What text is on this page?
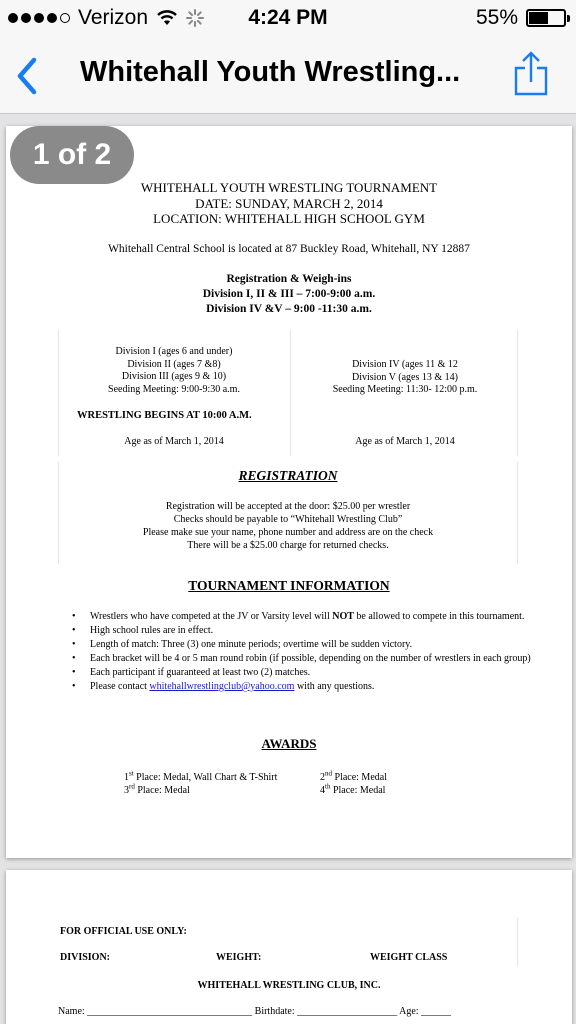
Verizon	4:24 PM	55%
Whitehall Youth Wrestling...
1 of 2
WHITEHALL YOUTH WRESTLING TOURNAMENT
DATE: SUNDAY, MARCH 2, 2014
LOCATION: WHITEHALL HIGH SCHOOL GYM
Whitehall Central School is located at 87 Buckley Road, Whitehall, NY 12887
Registration & Weigh-ins
Division I, II & III – 7:00-9:00 a.m.
Division IV &V – 9:00 -11:30 a.m.
Division I (ages 6 and under)
Division II (ages 7 &8)
Division III (ages 9 & 10)
Seeding Meeting: 9:00-9:30 a.m.
Division IV (ages 11 & 12
Division V (ages 13 & 14)
Seeding Meeting: 11:30- 12:00 p.m.
WRESTLING BEGINS AT 10:00 A.M.
Age as of March 1, 2014	Age as of March 1, 2014
REGISTRATION
Registration will be accepted at the door: $25.00 per wrestler
Checks should be payable to “Whitehall Wrestling Club”
Please make sue your name, phone number and address are on the check
There will be a $25.00 charge for returned checks.
TOURNAMENT INFORMATION
• Wrestlers who have competed at the JV or Varsity level will NOT be allowed to compete in this tournament.
• High school rules are in effect.
• Length of match: Three (3) one minute periods; overtime will be sudden victory.
• Each bracket will be 4 or 5 man round robin (if possible, depending on the number of wrestlers in each group)
• Each participant if guaranteed at least two (2) matches.
• Please contact whitehallwrestlingclub@yahoo.com with any questions.
AWARDS
1st Place: Medal, Wall Chart & T-Shirt	2nd Place: Medal
3rd Place: Medal	4th Place: Medal
FOR OFFICIAL USE ONLY:
DIVISION:	WEIGHT:	WEIGHT CLASS
WHITEHALL WRESTLING CLUB, INC.
Name: _________________________________ Birthdate: ____________________ Age: ______
